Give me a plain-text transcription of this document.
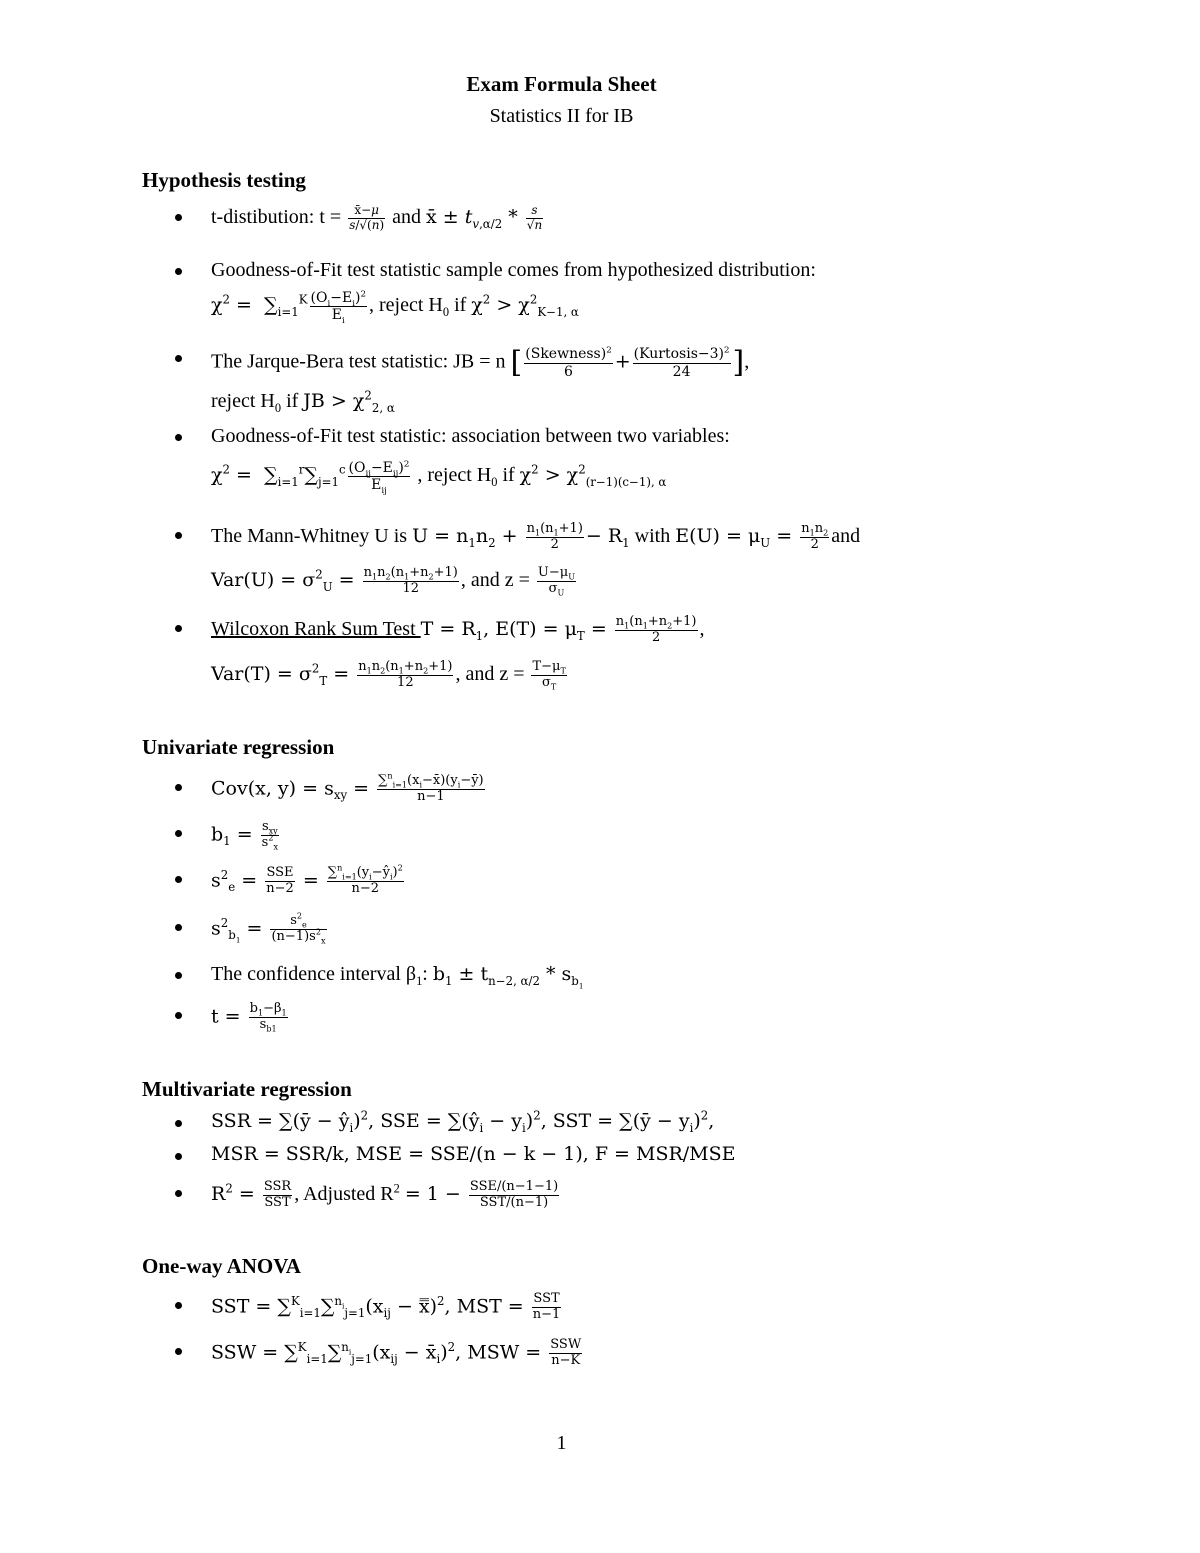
Exam Formula Sheet
Statistics II for IB
Hypothesis testing
t-distibution: $t = \frac{x̄-\mu}{s/√(n)}$ and x̄ ± $t_{v,\alpha/2} * \frac{s}{√n}$
Goodness-of-Fit test statistic sample comes from hypothesized distribution:
$\chi^2 = \sum_{i=1}^K \frac{(O_i-E_i)^2}{E_i}$ , reject $H_0$ if $\chi^2 > \chi^2_{K-1, \alpha}$
The Jarque-Bera test statistic: JB = n [ $\frac{(Skewness)^2}{6} + \frac{(Kurtosis-3)^2}{24}$ ],
reject $H_0$ if JB > $\chi^2_{2, \alpha}$
Goodness-of-Fit test statistic: association between two variables:
$\chi^2 = \sum_{i=1}^r\sum_{j=1}^c \frac{(O_{ij}-E_{ij})^2}{E_{ij}}$ , reject $H_0$ if $\chi^2 > \chi^2_{(r-1)(c-1), \alpha}$
The Mann-Whitney U is $U = n_1n_2 + \frac{n_1(n_1+1)}{2} - R_1$ with $E(U) = \mu_U = \frac{n_1n_2}{2}$ and
$Var(U) = \sigma^2_U = \frac{n_1n_2(n_1+n_2+1)}{12}$ , and $z = \frac{U-\mu_U}{\sigma_U}$
Wilcoxon Rank Sum Test $T = R_1$, $E(T) = \mu_T = \frac{n_1(n_1+n_2+1)}{2}$ ,
$Var(T) = \sigma^2_T = \frac{n_1n_2(n_1+n_2+1)}{12}$ , and $z = \frac{T-\mu_T}{\sigma_T}$
Univariate regression
Cov(x, $y) = s_{xy} = \frac{\sum^n_{i=1}(x_i-x̄)(y_i-ȳ)}{n-1}$
$b_1 = \frac{s_{xy}}{s^2_x}$
$s^2_e = \frac{\text{SSE}}{n-2} = \frac{\sum^n_{i=1}(y_i-ŷ_i)^2}{n-2}$
$s^2_{b_1} = \frac{s^2_e}{(n-1)s^2_x}$
The confidence interval $\beta_1$: $b_1 \pm t_{n-2, \alpha/2} * s_{b_1}$
$t = \frac{b_1-\beta_1}{s_{b1}}$
Multivariate regression
SSR = ∑(ȳ − $ŷ_i)^2$, SSE = $\sum(ŷ_i - y_i)^2$, SST = ∑(ȳ − $y_i)^2$,
MSR = SSR/k, MSE = SSE/(n − k − 1), F = MSR/MSE
$R^2 = \frac{\text{SSR}}{\text{SST}}$ , Adjusted $R^2 = 1 - \frac{\text{SSE/(n−1−1)}}{\text{SST/(n−1)}}$
One-way ANOVA
SST = $\sum^K_{i=1}\sum^{n_i}_{j=1}(x_{ij}$ − x̿)$^2$, MST = $\frac{\text{SST}}{n-1}$
SSW = $\sum^K_{i=1}\sum^{n_i}_{j=1}(x_{ij}$ − $x̄_i)^2$, MSW = $\frac{\text{SSW}}{n-K}$
1
